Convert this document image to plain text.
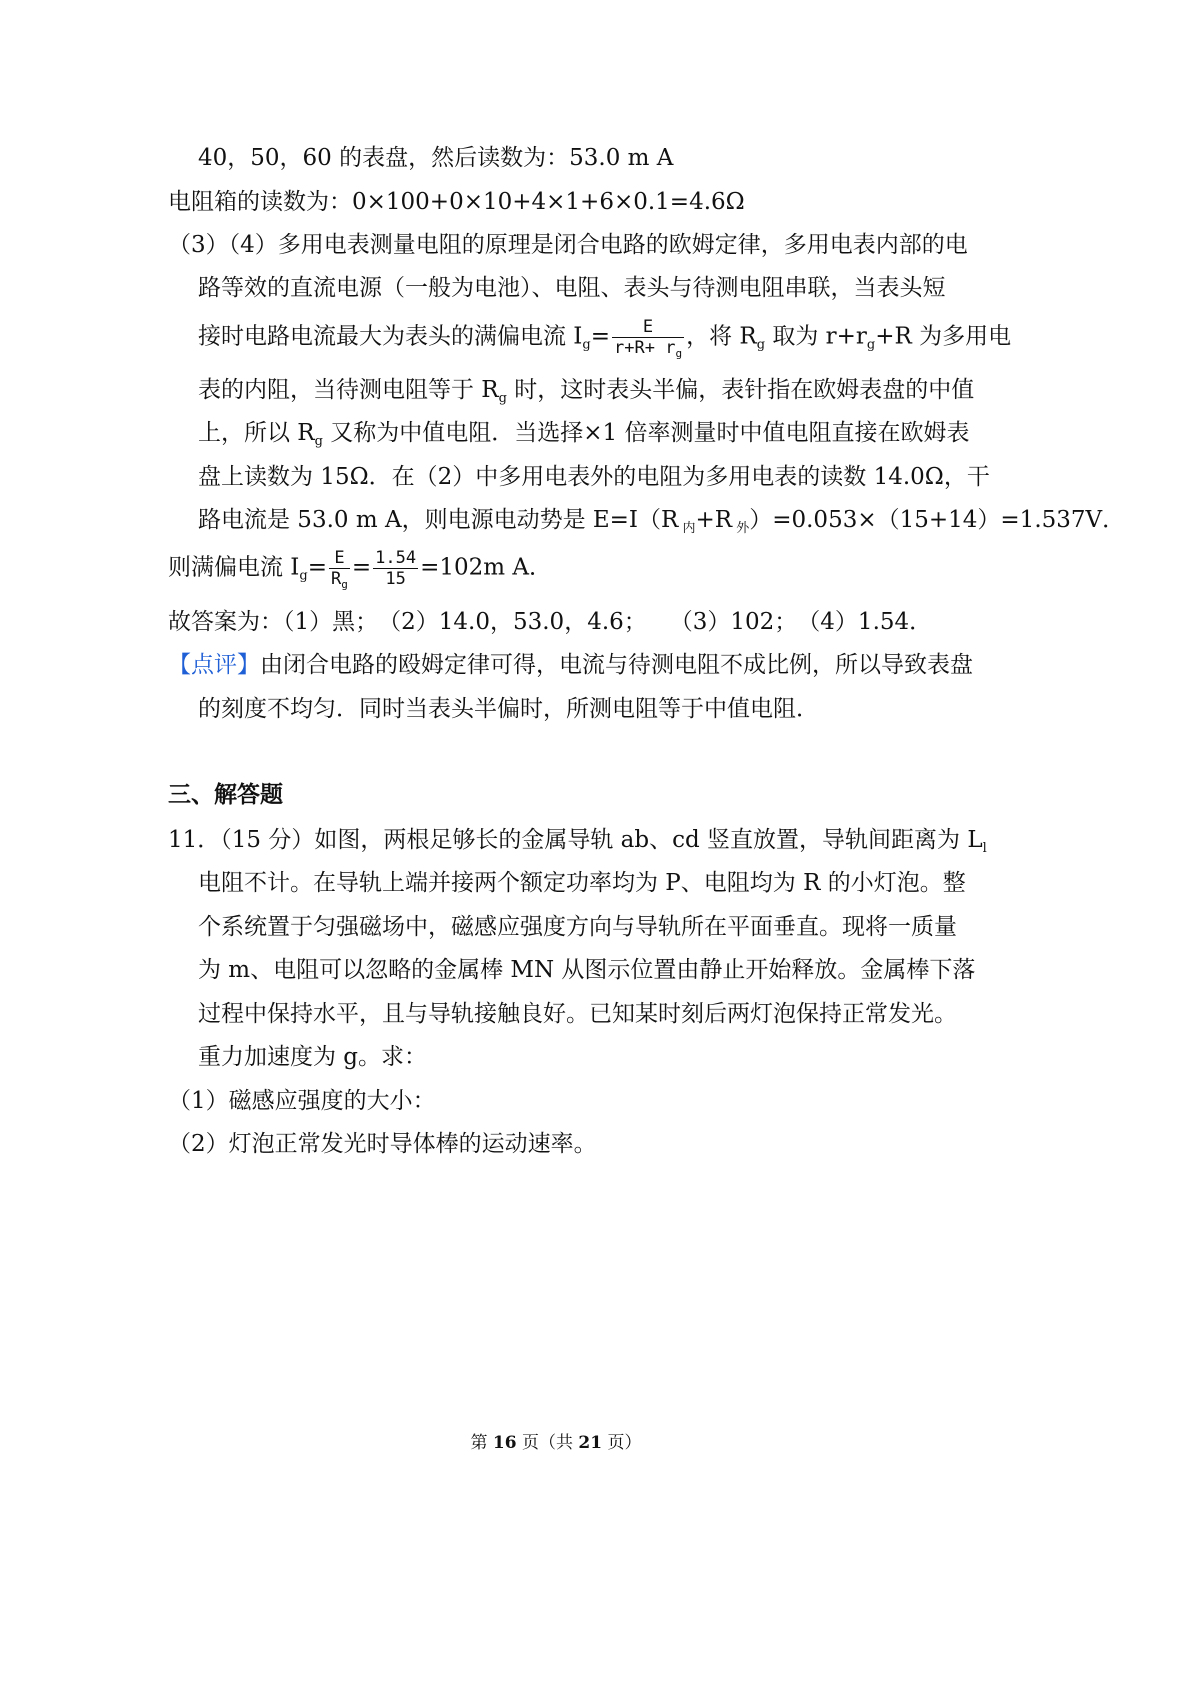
40，50，60 的表盘，然后读数为：53.0 m A
电阻箱的读数为：0×100+0×10+4×1+6×0.1=4.6Ω
（3）（4）多用电表测量电阻的原理是闭合电路的欧姆定律，多用电表内部的电
路等效的直流电源（一般为电池）、电阻、表头与待测电阻串联，当表头短
接时电路电流最大为表头的满偏电流 $I_g= \frac{E}{r+R+ r_g}$ ，将 $R_g$ 取为 $r+r_g+R$ 为多用电
表的内阻，当待测电阻等于 $R_g$ 时，这时表头半偏，表针指在欧姆表盘的中值
上，所以 $R_g$ 又称为中值电阻．当选择×1 倍率测量时中值电阻直接在欧姆表
盘上读数为 15Ω．在（2）中多用电表外的电阻为多用电表的读数 14.0Ω，干
路电流是 53.0 m A，则电源电动势是 E=I（R $_内$+R $_外$）=0.053×（15+14）=1.537V．
则满偏电流 $I_g= \frac{E}{R_g} = \frac{1.54}{15} =102m$ A．
故答案为：（1）黑；　（2）14.0，53.0，4.6；　　（3）102；　（4）1.54．
【点评】由闭合电路的殴姆定律可得，电流与待测电阻不成比例，所以导致表盘
的刻度不均匀．同时当表头半偏时，所测电阻等于中值电阻．
三、解答题
11．（15 分）如图，两根足够长的金属导轨 ab、cd 竖直放置，导轨间距离为 $L_l$
电阻不计。在导轨上端并接两个额定功率均为 P、电阻均为 R 的小灯泡。整
个系统置于匀强磁场中，磁感应强度方向与导轨所在平面垂直。现将一质量
为 m、电阻可以忽略的金属棒 MN 从图示位置由静止开始释放。金属棒下落
过程中保持水平，且与导轨接触良好。已知某时刻后两灯泡保持正常发光。
重力加速度为 g。求：
（1）磁感应强度的大小：
（2）灯泡正常发光时导体棒的运动速率。
第 16 页（共 21 页）
